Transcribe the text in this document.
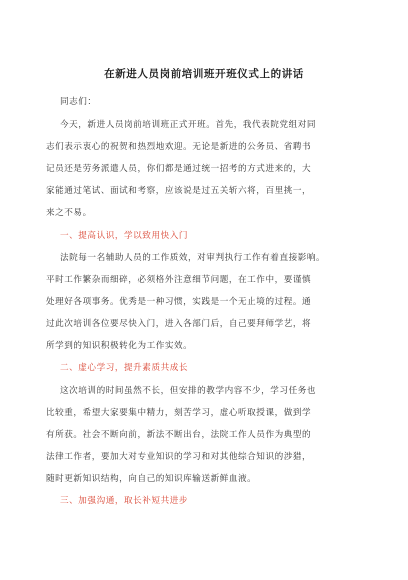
在新进人员岗前培训班开班仪式上的讲话
同志们：
今天，新进人员岗前培训班正式开班。首先，我代表院党组对同
志们表示衷心的祝贺和热烈地欢迎。无论是新进的公务员、省聘书
记员还是劳务派遣人员，你们都是通过统一招考的方式进来的，大
家能通过笔试、面试和考察，应该说是过五关斩六将，百里挑一，
来之不易。
一、提高认识，学以致用快入门
法院每一名辅助人员的工作质效，对审判执行工作有着直接影响。
平时工作繁杂而细碎，必须格外注意细节问题，在工作中，要谨慎
处理好各项事务。优秀是一种习惯，实践是一个无止境的过程。通
过此次培训各位要尽快入门，进入各部门后，自己要拜师学艺，将
所学到的知识积极转化为工作实效。
二、虚心学习，提升素质共成长
这次培训的时间虽然不长，但安排的教学内容不少，学习任务也
比较重，希望大家要集中精力，刻苦学习，虚心听取授课，做到学
有所获。社会不断向前，新法不断出台，法院工作人员作为典型的
法律工作者，要加大对专业知识的学习和对其他综合知识的涉猎，
随时更新知识结构，向自己的知识库输送新鲜血液。
三、加强沟通，取长补短共进步
